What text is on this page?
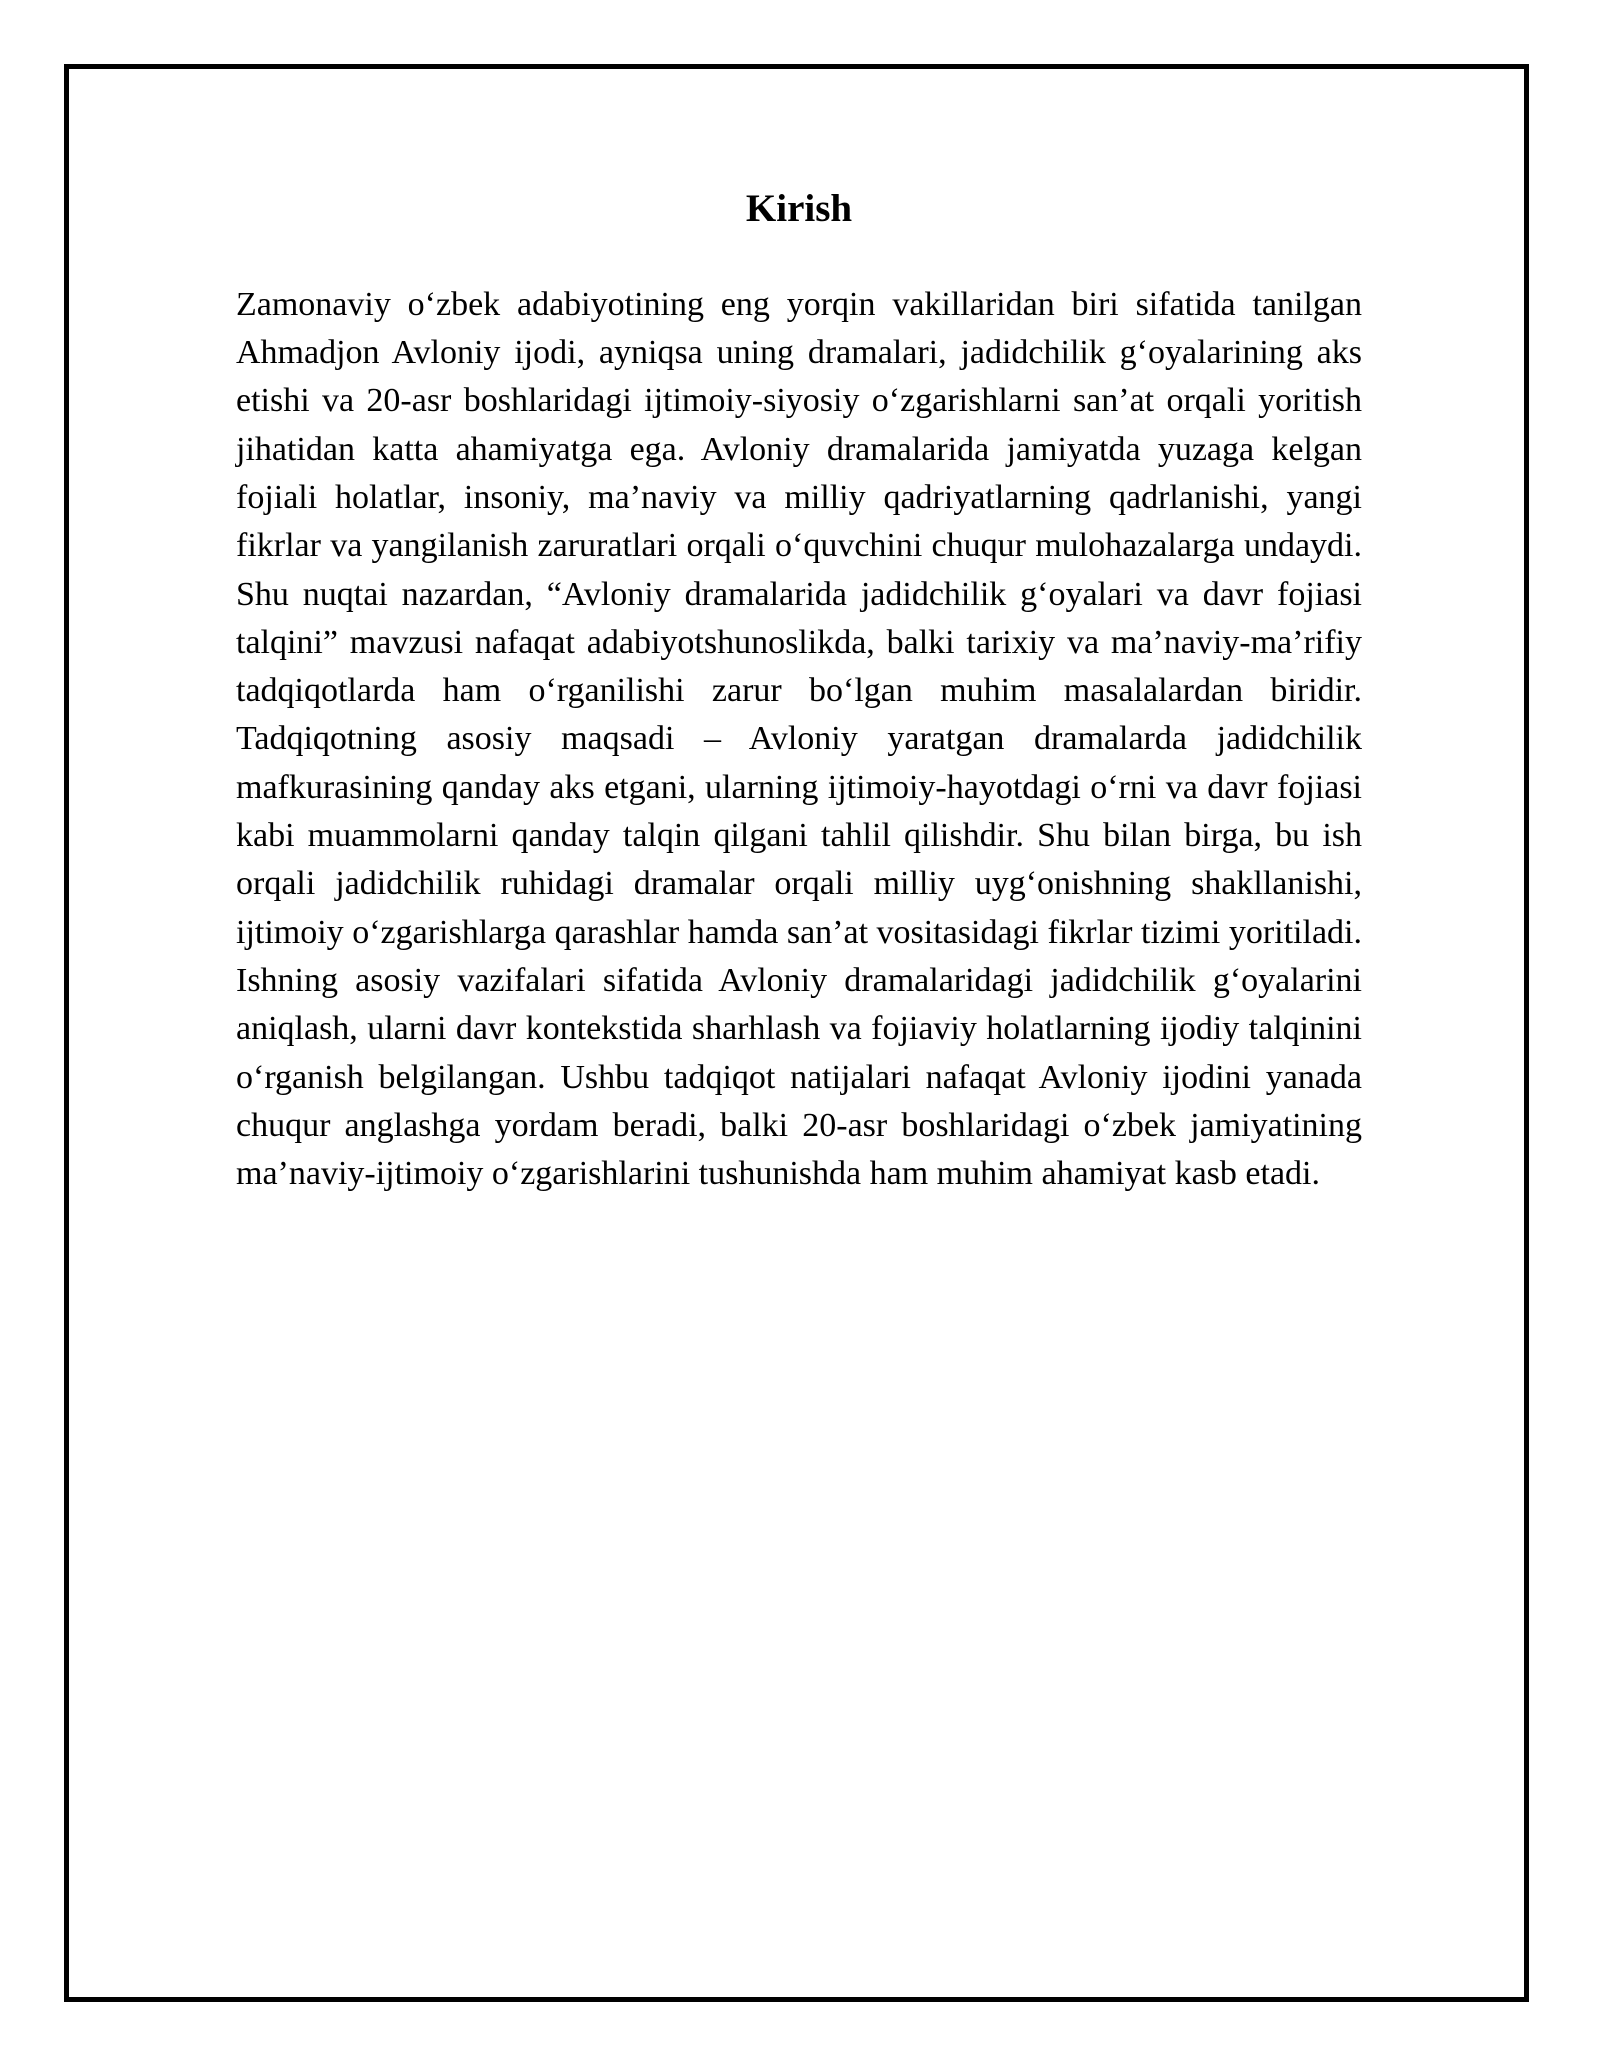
Kirish

Zamonaviy o‘zbek adabiyotining eng yorqin vakillaridan biri sifatida tanilgan Ahmadjon Avloniy ijodi, ayniqsa uning dramalari, jadidchilik g‘oyalarining aks etishi va 20-asr boshlaridagi ijtimoiy-siyosiy o‘zgarishlarni san’at orqali yoritish jihatidan katta ahamiyatga ega. Avloniy dramalarida jamiyatda yuzaga kelgan fojiali holatlar, insoniy, ma’naviy va milliy qadriyatlarning qadrlanishi, yangi fikrlar va yangilanish zaruratlari orqali o‘quvchini chuqur mulohazalarga undaydi. Shu nuqtai nazardan, “Avloniy dramalarida jadidchilik g‘oyalari va davr fojiasi talqini” mavzusi nafaqat adabiyotshunoslikda, balki tarixiy va ma’naviy-ma’rifiy tadqiqotlarda ham o‘rganilishi zarur bo‘lgan muhim masalalardan biridir. Tadqiqotning asosiy maqsadi – Avloniy yaratgan dramalarda jadidchilik mafkurasining qanday aks etgani, ularning ijtimoiy-hayotdagi o‘rni va davr fojiasi kabi muammolarni qanday talqin qilgani tahlil qilishdir. Shu bilan birga, bu ish orqali jadidchilik ruhidagi dramalar orqali milliy uyg‘onishning shakllanishi, ijtimoiy o‘zgarishlarga qarashlar hamda san’at vositasidagi fikrlar tizimi yoritiladi. Ishning asosiy vazifalari sifatida Avloniy dramalaridagi jadidchilik g‘oyalarini aniqlash, ularni davr kontekstida sharhlash va fojiaviy holatlarning ijodiy talqinini o‘rganish belgilangan. Ushbu tadqiqot natijalari nafaqat Avloniy ijodini yanada chuqur anglashga yordam beradi, balki 20-asr boshlaridagi o‘zbek jamiyatining ma’naviy-ijtimoiy o‘zgarishlarini tushunishda ham muhim ahamiyat kasb etadi.
